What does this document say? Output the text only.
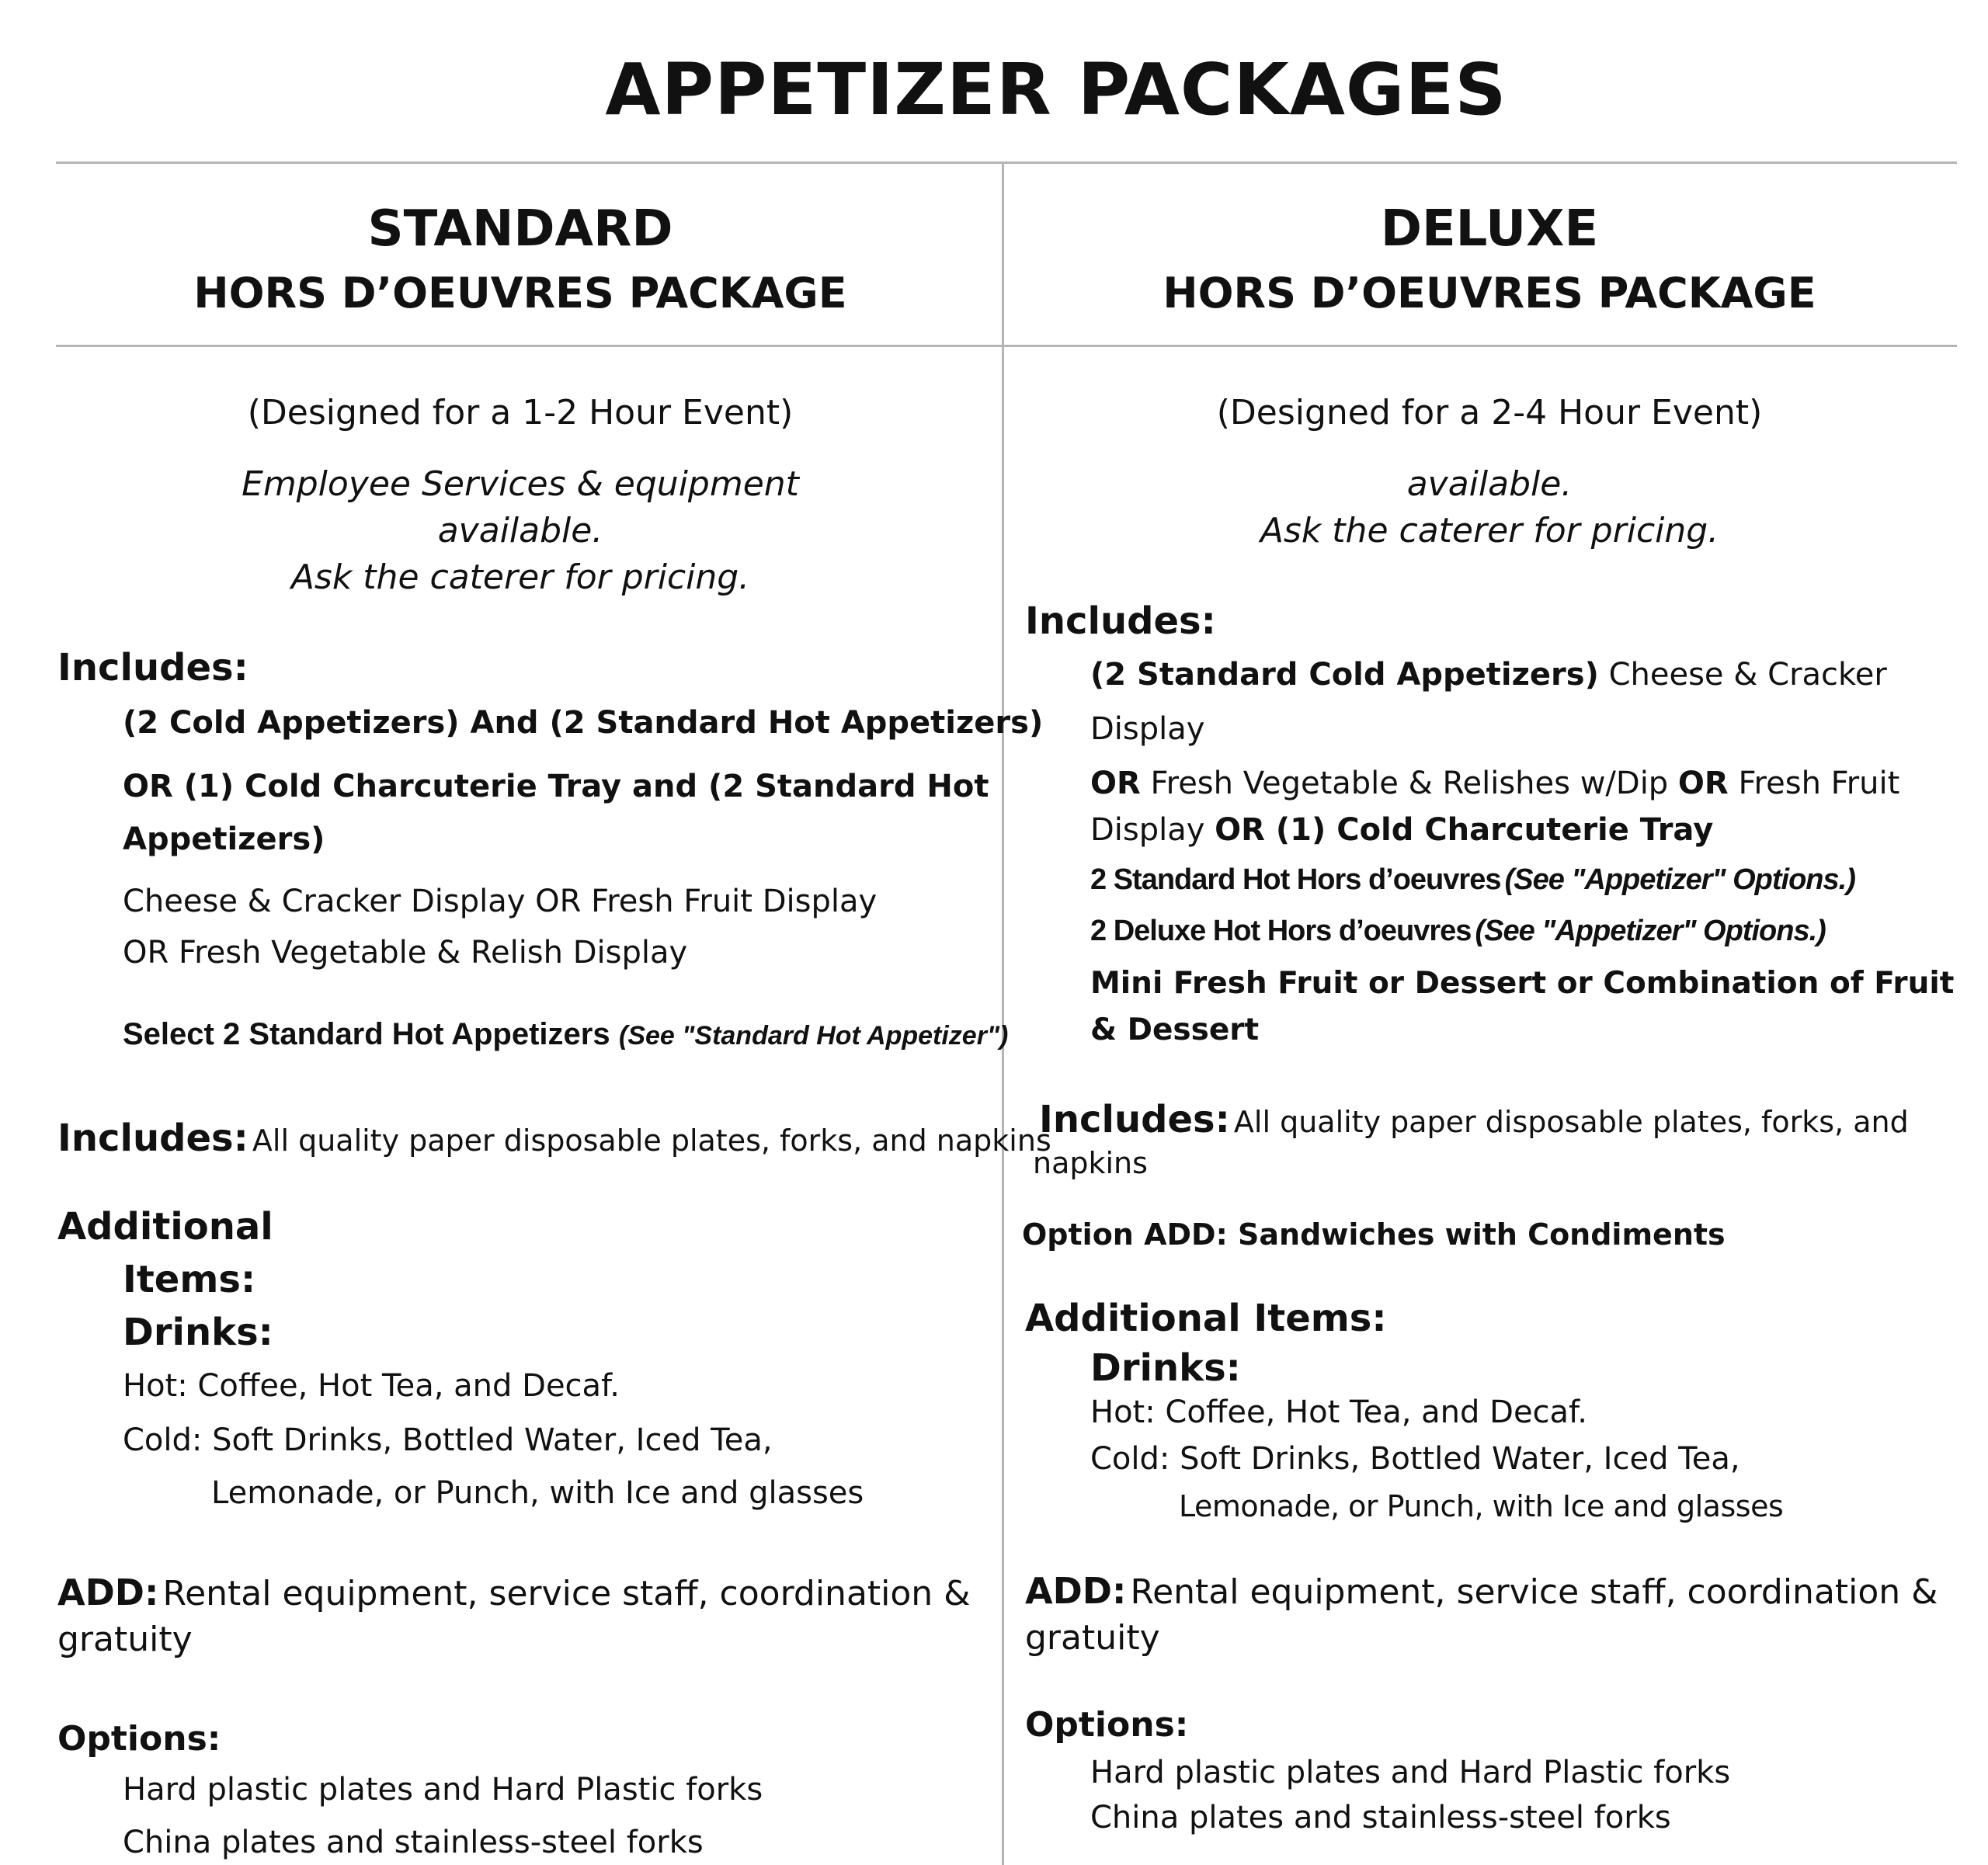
APPETIZER PACKAGES
STANDARD
HORS D’OEUVRES PACKAGE
(Designed for a 1-2 Hour Event)
Employee Services & equipment
available.
Ask the caterer for pricing.
Includes:
(2 Cold Appetizers) And (2 Standard Hot Appetizers)
OR (1) Cold Charcuterie Tray and (2 Standard Hot
Appetizers)
Cheese & Cracker Display OR Fresh Fruit Display
OR Fresh Vegetable & Relish Display
Select 2 Standard Hot Appetizers (See "Standard Hot Appetizer")
Includes: All quality paper disposable plates, forks, and napkins
Additional
Items:
Drinks:
Hot: Coffee, Hot Tea, and Decaf.
Cold: Soft Drinks, Bottled Water, Iced Tea,
Lemonade, or Punch, with Ice and glasses
ADD: Rental equipment, service staff, coordination &
gratuity
Options:
Hard plastic plates and Hard Plastic forks
China plates and stainless-steel forks
DELUXE
HORS D’OEUVRES PACKAGE
(Designed for a 2-4 Hour Event)
available.
Ask the caterer for pricing.
Includes:
(2 Standard Cold Appetizers) Cheese & Cracker
Display
OR Fresh Vegetable & Relishes w/Dip OR Fresh Fruit
Display OR (1) Cold Charcuterie Tray
2 Standard Hot Hors d’oeuvres (See "Appetizer" Options.)
2 Deluxe Hot Hors d’oeuvres (See "Appetizer" Options.)
Mini Fresh Fruit or Dessert or Combination of Fruit
& Dessert
Includes: All quality paper disposable plates, forks, and
napkins
Option ADD: Sandwiches with Condiments
Additional Items:
Drinks:
Hot: Coffee, Hot Tea, and Decaf.
Cold: Soft Drinks, Bottled Water, Iced Tea,
Lemonade, or Punch, with Ice and glasses
ADD: Rental equipment, service staff, coordination &
gratuity
Options:
Hard plastic plates and Hard Plastic forks
China plates and stainless-steel forks
